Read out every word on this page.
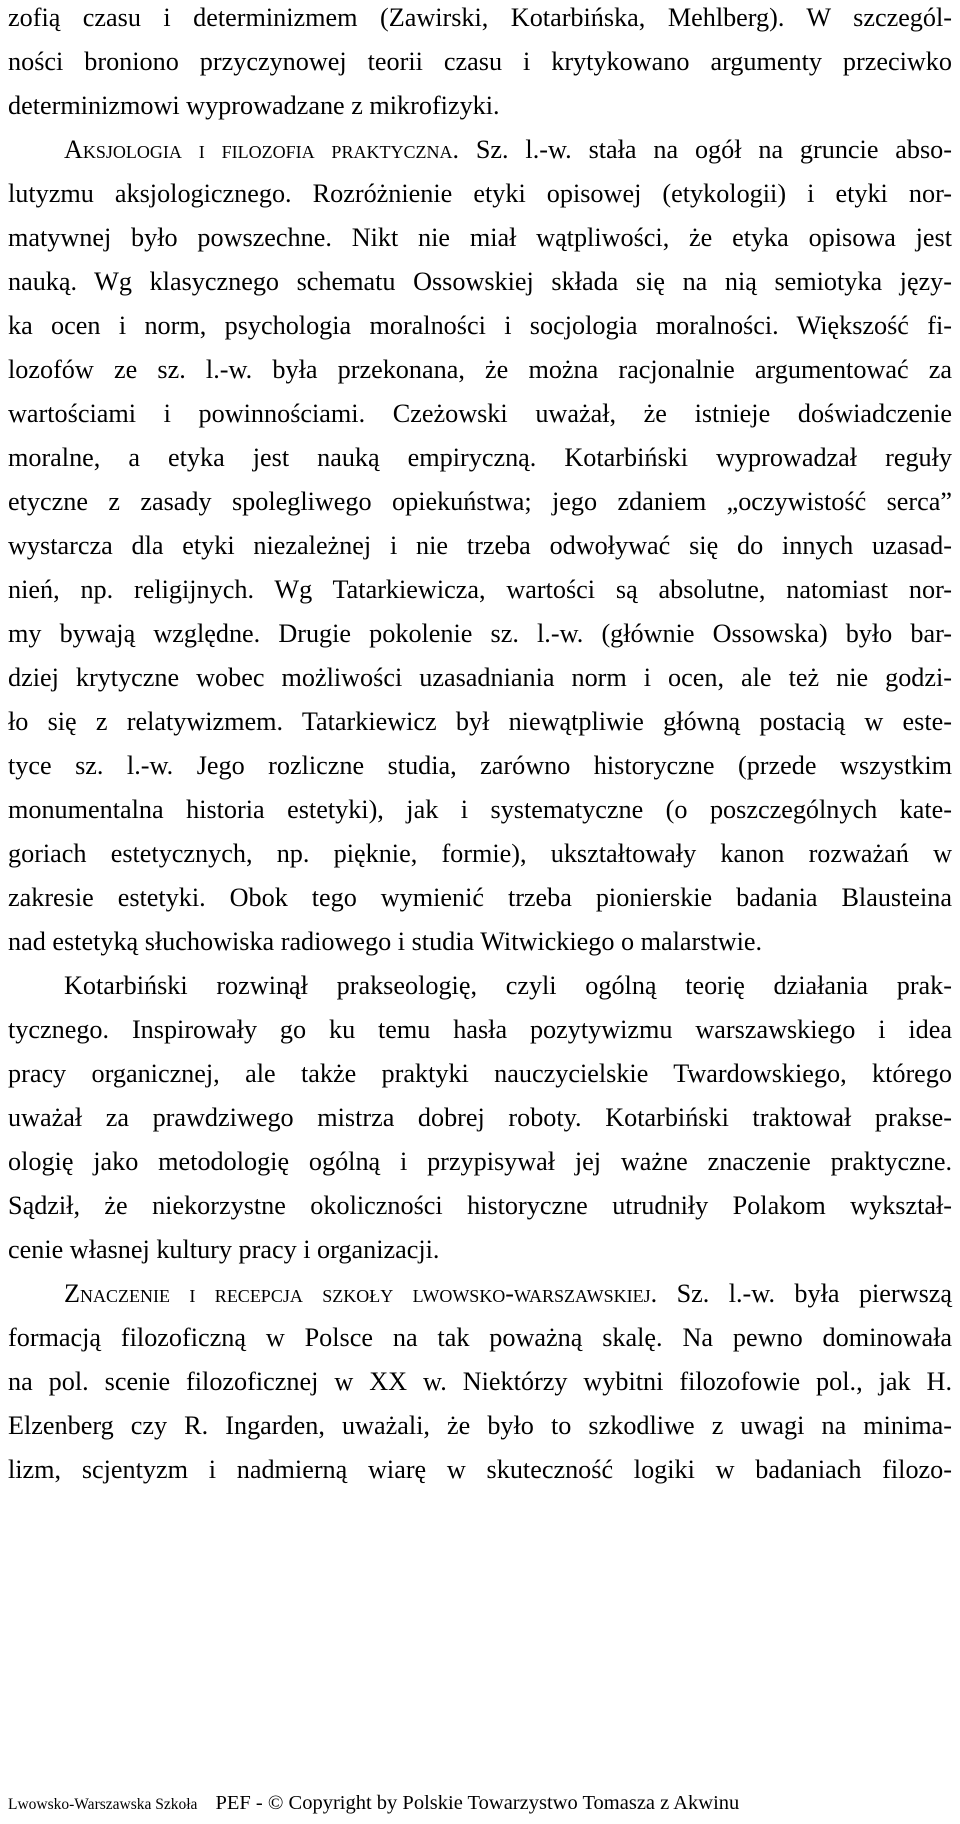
zofią czasu i determinizmem (Zawirski, Kotarbińska, Mehlberg). W szczegól-
ności broniono przyczynowej teorii czasu i krytykowano argumenty przeciwko
determinizmowi wyprowadzane z mikrofizyki.
Aksjologia i filozofia praktyczna. Sz. l.-w. stała na ogół na gruncie abso-
lutyzmu aksjologicznego. Rozróżnienie etyki opisowej (etykologii) i etyki nor-
matywnej było powszechne. Nikt nie miał wątpliwości, że etyka opisowa jest
nauką. Wg klasycznego schematu Ossowskiej składa się na nią semiotyka języ-
ka ocen i norm, psychologia moralności i socjologia moralności. Większość fi-
lozofów ze sz. l.-w. była przekonana, że można racjonalnie argumentować za
wartościami i powinnościami. Czeżowski uważał, że istnieje doświadczenie
moralne, a etyka jest nauką empiryczną. Kotarbiński wyprowadzał reguły
etyczne z zasady spolegliwego opiekuństwa; jego zdaniem „oczywistość serca”
wystarcza dla etyki niezależnej i nie trzeba odwoływać się do innych uzasad-
nień, np. religijnych. Wg Tatarkiewicza, wartości są absolutne, natomiast nor-
my bywają względne. Drugie pokolenie sz. l.-w. (głównie Ossowska) było bar-
dziej krytyczne wobec możliwości uzasadniania norm i ocen, ale też nie godzi-
ło się z relatywizmem. Tatarkiewicz był niewątpliwie główną postacią w este-
tyce sz. l.-w. Jego rozliczne studia, zarówno historyczne (przede wszystkim
monumentalna historia estetyki), jak i systematyczne (o poszczególnych kate-
goriach estetycznych, np. pięknie, formie), ukształtowały kanon rozważań w
zakresie estetyki. Obok tego wymienić trzeba pionierskie badania Blausteina
nad estetyką słuchowiska radiowego i studia Witwickiego o malarstwie.
Kotarbiński rozwinął prakseologię, czyli ogólną teorię działania prak-
tycznego. Inspirowały go ku temu hasła pozytywizmu warszawskiego i idea
pracy organicznej, ale także praktyki nauczycielskie Twardowskiego, którego
uważał za prawdziwego mistrza dobrej roboty. Kotarbiński traktował prakse-
ologię jako metodologię ogólną i przypisywał jej ważne znaczenie praktyczne.
Sądził, że niekorzystne okoliczności historyczne utrudniły Polakom wykształ-
cenie własnej kultury pracy i organizacji.
Znaczenie i recepcja szkoły lwowsko-warszawskiej. Sz. l.-w. była pierwszą
formacją filozoficzną w Polsce na tak poważną skalę. Na pewno dominowała
na pol. scenie filozoficznej w XX w. Niektórzy wybitni filozofowie pol., jak H.
Elzenberg czy R. Ingarden, uważali, że było to szkodliwe z uwagi na minima-
lizm, scjentyzm i nadmierną wiarę w skuteczność logiki w badaniach filozo-
Lwowsko-Warszawska Szkoła PEF - © Copyright by Polskie Towarzystwo Tomasza z Akwinu
